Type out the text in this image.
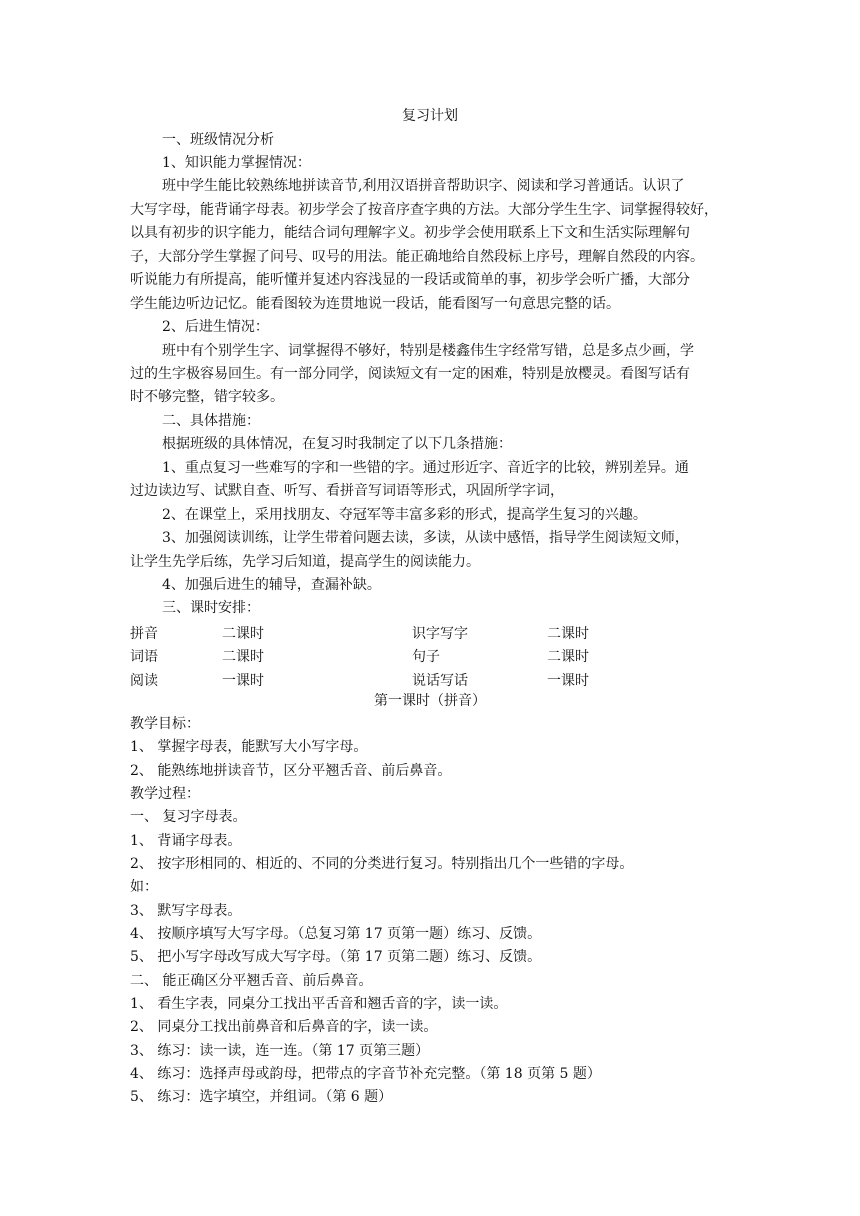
复习计划
一、班级情况分析
1、知识能力掌握情况：
班中学生能比较熟练地拼读音节,利用汉语拼音帮助识字、阅读和学习普通话。认识了
大写字母，能背诵字母表。初步学会了按音序查字典的方法。大部分学生生字、词掌握得较好，
以具有初步的识字能力，能结合词句理解字义。初步学会使用联系上下文和生活实际理解句
子，大部分学生掌握了问号、叹号的用法。能正确地给自然段标上序号，理解自然段的内容。
听说能力有所提高，能听懂并复述内容浅显的一段话或简单的事，初步学会听广播，大部分
学生能边听边记忆。能看图较为连贯地说一段话，能看图写一句意思完整的话。
2、后进生情况：
班中有个别学生字、词掌握得不够好，特别是楼鑫伟生字经常写错，总是多点少画，学
过的生字极容易回生。有一部分同学，阅读短文有一定的困难，特别是放樱灵。看图写话有
时不够完整，错字较多。
二、具体措施：
根据班级的具体情况，在复习时我制定了以下几条措施：
1、重点复习一些难写的字和一些错的字。通过形近字、音近字的比较，辨别差异。通
过边读边写、试默自查、听写、看拼音写词语等形式，巩固所学字词，
2、在课堂上，采用找朋友、夺冠军等丰富多彩的形式，提高学生复习的兴趣。
3、加强阅读训练，让学生带着问题去读，多读，从读中感悟，指导学生阅读短文师，
让学生先学后练，先学习后知道，提高学生的阅读能力。
4、加强后进生的辅导，查漏补缺。
三、课时安排：
拼音	二课时	识字写字	二课时
词语	二课时	句子	二课时
阅读	一课时	说话写话	一课时
第一课时（拼音）
教学目标：
1、 掌握字母表，能默写大小写字母。
2、 能熟练地拼读音节，区分平翘舌音、前后鼻音。
教学过程：
一、 复习字母表。
1、 背诵字母表。
2、 按字形相同的、相近的、不同的分类进行复习。特别指出几个一些错的字母。
如：
3、 默写字母表。
4、 按顺序填写大写字母。（总复习第 17 页第一题）练习、反馈。
5、 把小写字母改写成大写字母。（第 17 页第二题）练习、反馈。
二、 能正确区分平翘舌音、前后鼻音。
1、 看生字表，同桌分工找出平舌音和翘舌音的字，读一读。
2、 同桌分工找出前鼻音和后鼻音的字，读一读。
3、 练习：读一读，连一连。（第 17 页第三题）
4、 练习：选择声母或韵母，把带点的字音节补充完整。（第 18 页第 5 题）
5、 练习：选字填空，并组词。（第 6 题）
